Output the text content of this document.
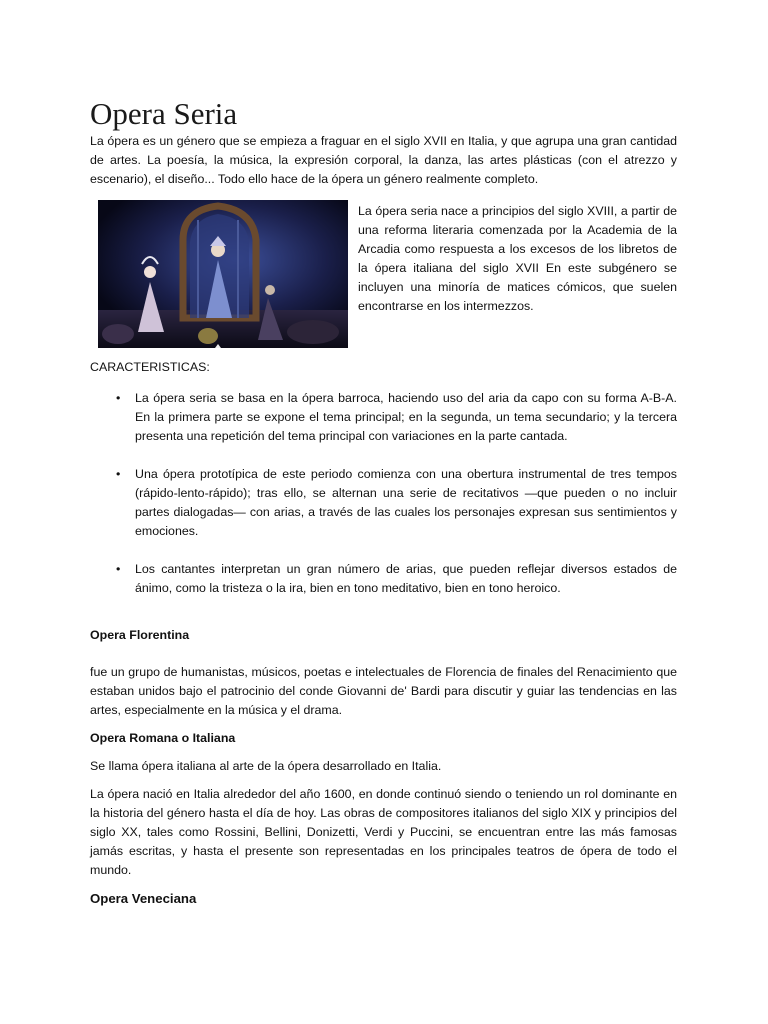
Opera Seria

La ópera es un género que se empieza a fraguar en el siglo XVII en Italia, y que agrupa una gran cantidad de artes. La poesía, la música, la expresión corporal, la danza, las artes plásticas (con el atrezzo y escenario), el diseño... Todo ello hace de la ópera un género realmente completo.

La ópera seria nace a principios del siglo XVIII, a partir de una reforma literaria comenzada por la Academia de la Arcadia como respuesta a los excesos de los libretos de la ópera italiana del siglo XVII En este subgénero se incluyen una minoría de matices cómicos, que suelen encontrarse en los intermezzos.

CARACTERISTICAS:
• La ópera seria se basa en la ópera barroca, haciendo uso del aria da capo con su forma A-B-A. En la primera parte se expone el tema principal; en la segunda, un tema secundario; y la tercera presenta una repetición del tema principal con variaciones en la parte cantada.
• Una ópera prototípica de este periodo comienza con una obertura instrumental de tres tempos (rápido-lento-rápido); tras ello, se alternan una serie de recitativos —que pueden o no incluir partes dialogadas— con arias, a través de las cuales los personajes expresan sus sentimientos y emociones.
• Los cantantes interpretan un gran número de arias, que pueden reflejar diversos estados de ánimo, como la tristeza o la ira, bien en tono meditativo, bien en tono heroico.

Opera Florentina

fue un grupo de humanistas, músicos, poetas e intelectuales de Florencia de finales del Renacimiento que estaban unidos bajo el patrocinio del conde Giovanni de' Bardi para discutir y guiar las tendencias en las artes, especialmente en la música y el drama.

Opera Romana o Italiana

Se llama ópera italiana al arte de la ópera desarrollado en Italia.

La ópera nació en Italia alrededor del año 1600, en donde continuó siendo o teniendo un rol dominante en la historia del género hasta el día de hoy. Las obras de compositores italianos del siglo XIX y principios del siglo XX, tales como Rossini, Bellini, Donizetti, Verdi y Puccini, se encuentran entre las más famosas jamás escritas, y hasta el presente son representadas en los principales teatros de ópera de todo el mundo.

Opera Veneciana
